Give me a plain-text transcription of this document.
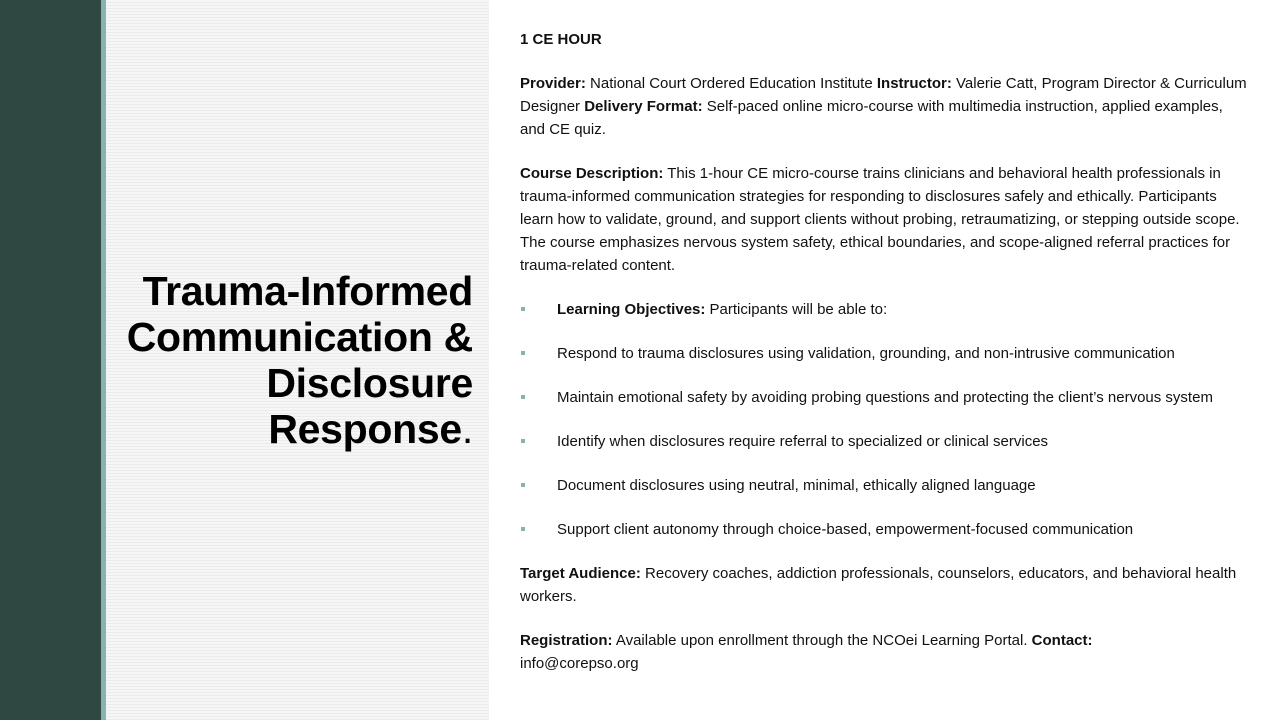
Trauma-Informed Communication & Disclosure Response.

1 CE HOUR

Provider: National Court Ordered Education Institute Instructor: Valerie Catt, Program Director & Curriculum Designer Delivery Format: Self-paced online micro-course with multimedia instruction, applied examples, and CE quiz.

Course Description: This 1-hour CE micro-course trains clinicians and behavioral health professionals in trauma-informed communication strategies for responding to disclosures safely and ethically. Participants learn how to validate, ground, and support clients without probing, retraumatizing, or stepping outside scope. The course emphasizes nervous system safety, ethical boundaries, and scope-aligned referral practices for trauma-related content.

Learning Objectives: Participants will be able to:
Respond to trauma disclosures using validation, grounding, and non-intrusive communication
Maintain emotional safety by avoiding probing questions and protecting the client’s nervous system
Identify when disclosures require referral to specialized or clinical services
Document disclosures using neutral, minimal, ethically aligned language
Support client autonomy through choice-based, empowerment-focused communication

Target Audience: Recovery coaches, addiction professionals, counselors, educators, and behavioral health workers.

Registration: Available upon enrollment through the NCOei Learning Portal. Contact:
info@corepso.org
